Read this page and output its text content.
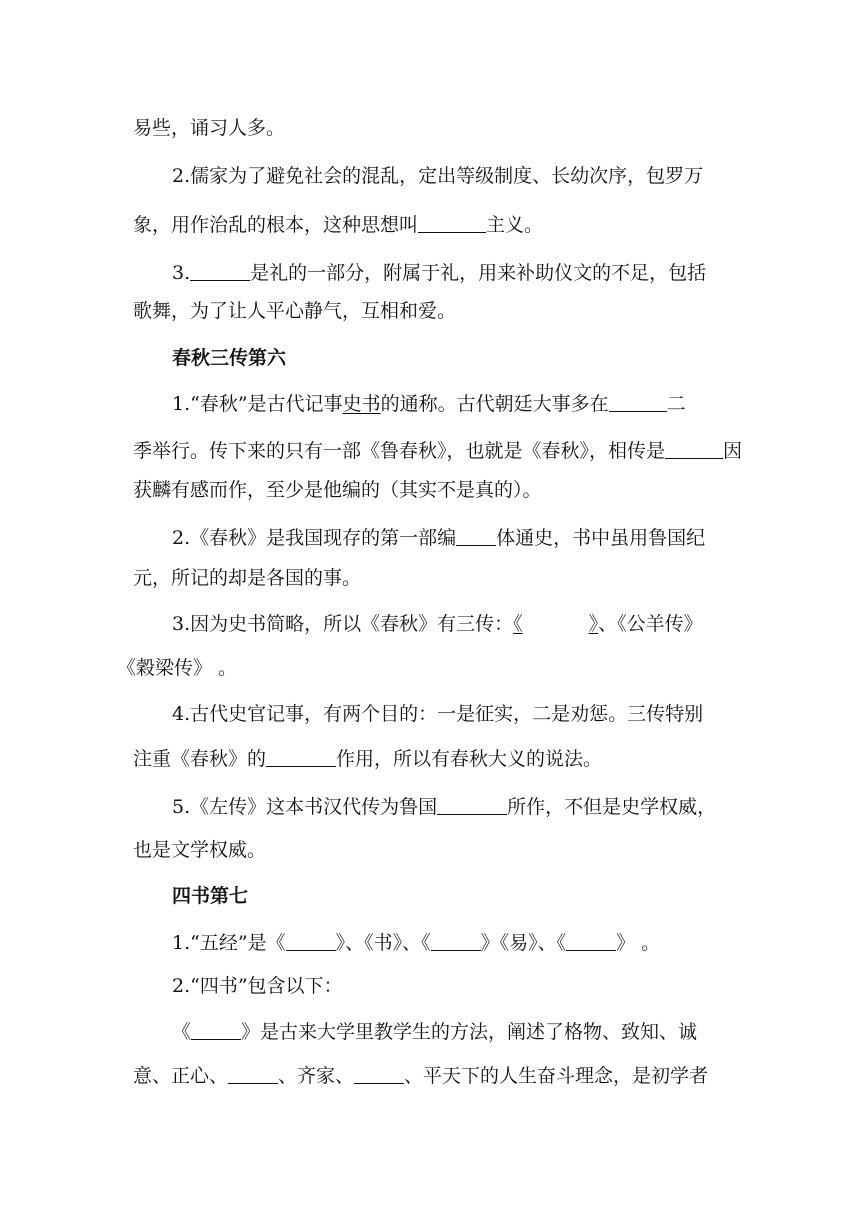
易些，诵习人多。
2.儒家为了避免社会的混乱，定出等级制度、长幼次序，包罗万
象，用作治乱的根本，这种思想叫	主义。
3.	是礼的一部分，附属于礼，用来补助仪文的不足，包括
歌舞，为了让人平心静气，互相和爱。
春秋三传第六
1.“春秋”是古代记事史书的通称。古代朝廷大事多在	二
季举行。传下来的只有一部《鲁春秋》，也就是《春秋》，相传是	因
获麟有感而作，至少是他编的（其实不是真的）。
2.《春秋》是我国现存的第一部编 体通史，书中虽用鲁国纪
元，所记的却是各国的事。
3.因为史书简略，所以《春秋》有三传：《	》、《公羊传》
《穀梁传》 。
4.古代史官记事，有两个目的：一是征实，二是劝惩。三传特别
注重《春秋》的	作用，所以有春秋大义的说法。
5.《左传》这本书汉代传为鲁国	所作，不但是史学权威，
也是文学权威。
四书第七
1.“五经”是《	》、《书》、《	》《易》、《	》 。
2.“四书”包含以下：
《	》是古来大学里教学生的方法，阐述了格物、致知、诚
意、正心、	、齐家、	、平天下的人生奋斗理念，是初学者
